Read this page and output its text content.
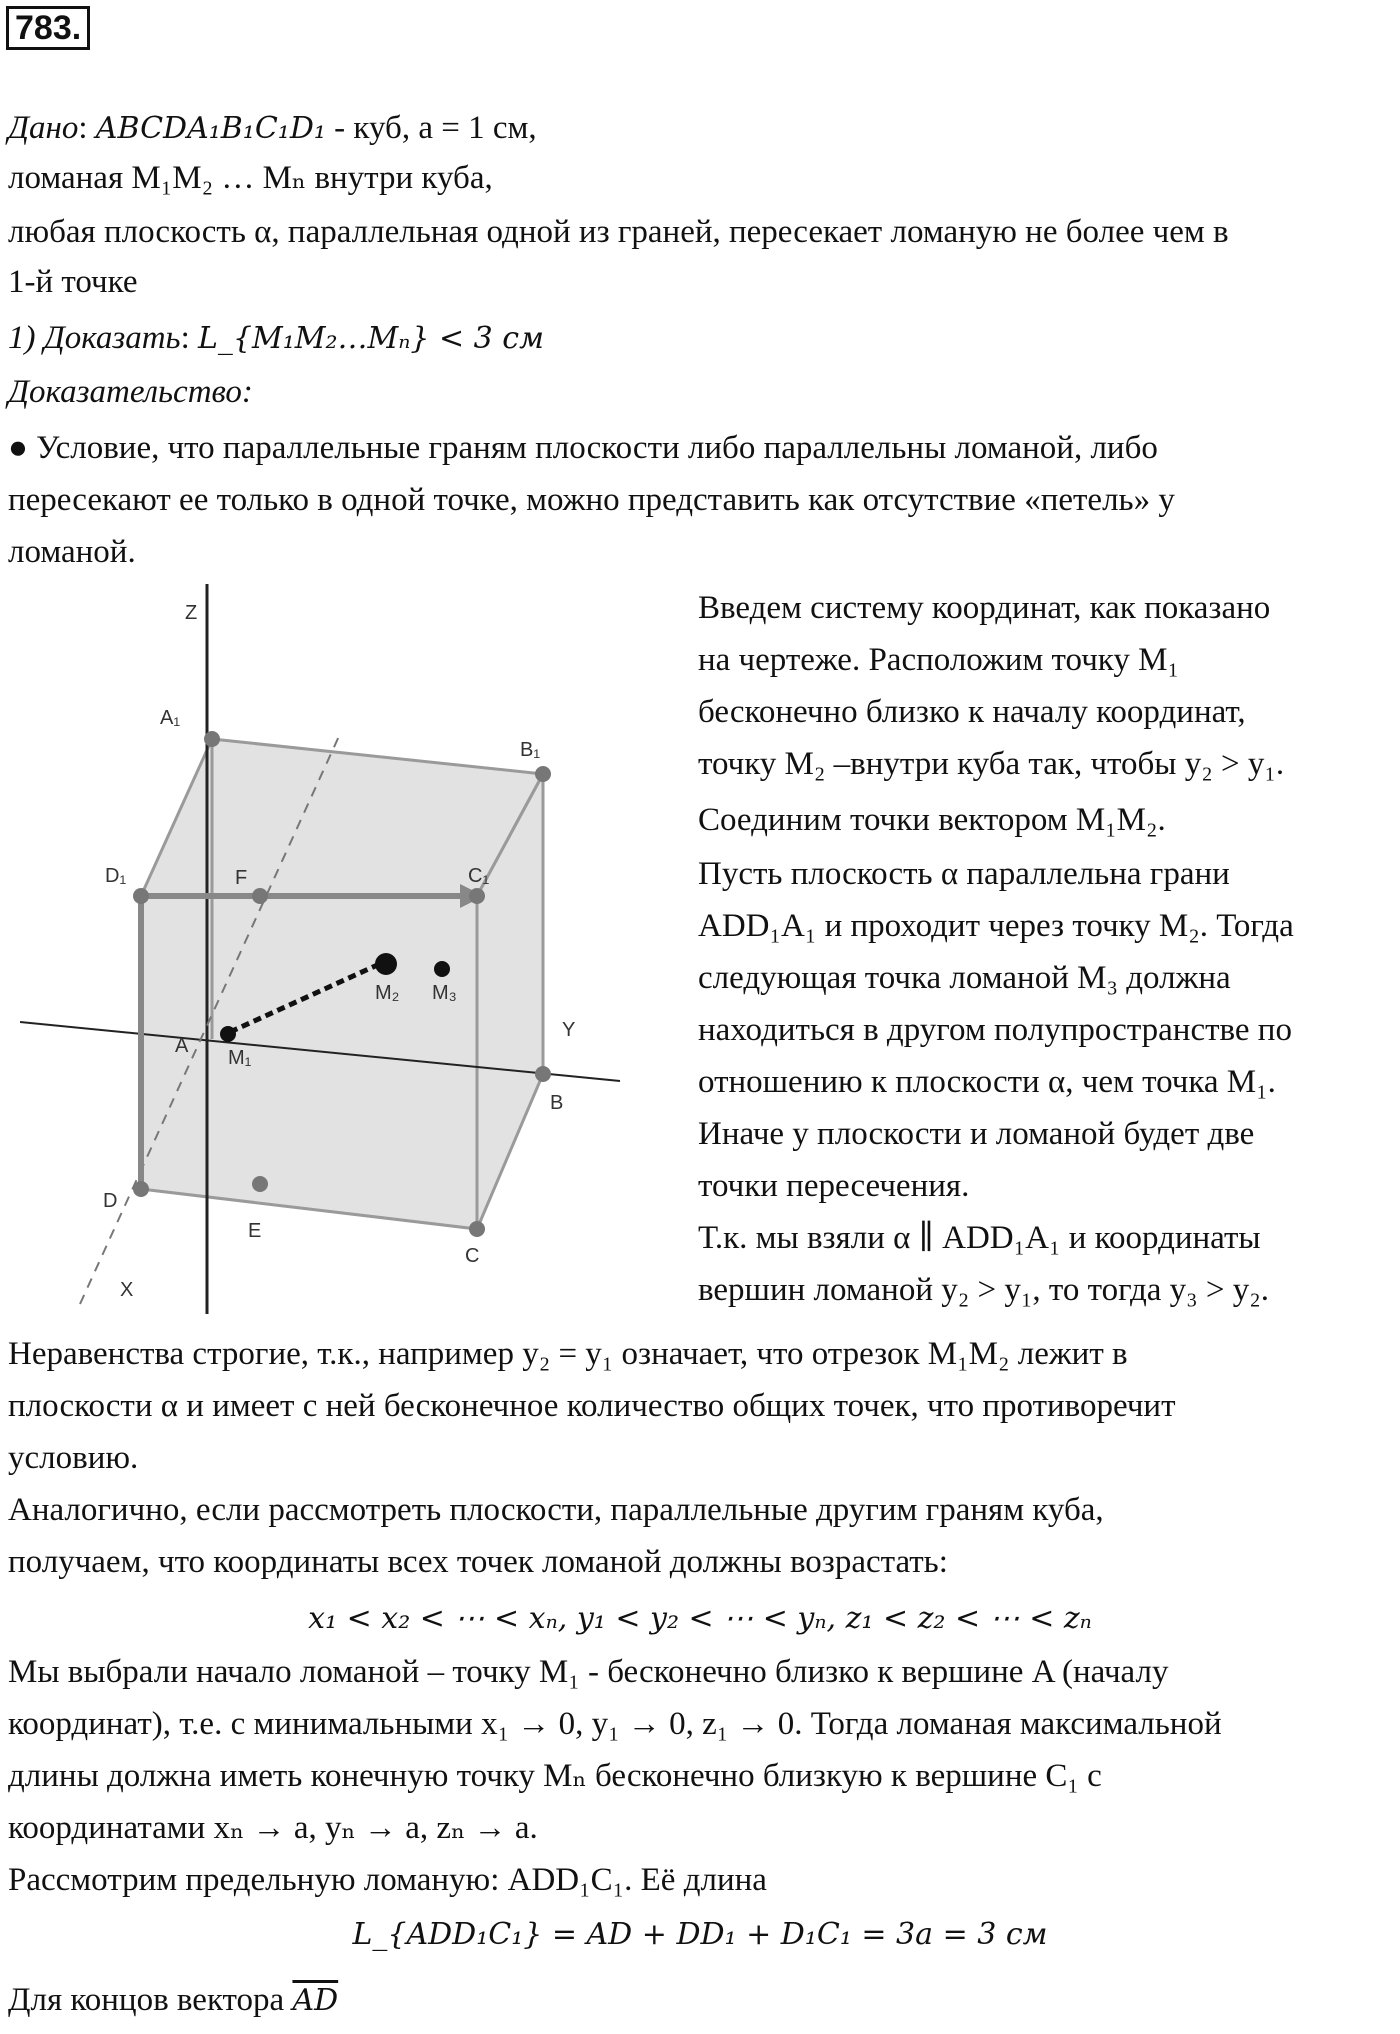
783.
Дано: ABCDA₁B₁C₁D₁ - куб, a = 1 см,
ломаная M₁M₂ … Mₙ внутри куба,
любая плоскость α, параллельная одной из граней, пересекает ломаную не более чем в
1-й точке
1) Доказать: L_{M₁M₂…Mₙ} < 3 см
Доказательство:
● Условие, что параллельные граням плоскости либо параллельны ломаной, либо
пересекают ее только в одной точке, можно представить как отсутствие «петель» у
ломаной.
Z
Y
X
A₁
B₁
D₁	C₁
F
A
M₁
M₂ M₃
B
D
E
C
Введем систему координат, как показано
на чертеже. Расположим точку M₁
бесконечно близко к началу координат,
точку M₂ –внутри куба так, чтобы y₂ > y₁.
Соединим точки вектором M₁M₂.
Пусть плоскость α параллельна грани
ADD₁A₁ и проходит через точку M₂. Тогда
следующая точка ломаной M₃ должна
находиться в другом полупространстве по
отношению к плоскости α, чем точка M₁.
Иначе у плоскости и ломаной будет две
точки пересечения.
Т.к. мы взяли α ∥ ADD₁A₁ и координаты
вершин ломаной y₂ > y₁, то тогда y₃ > y₂.
Неравенства строгие, т.к., например y₂ = y₁ означает, что отрезок M₁M₂ лежит в
плоскости α и имеет с ней бесконечное количество общих точек, что противоречит
условию.
Аналогично, если рассмотреть плоскости, параллельные другим граням куба,
получаем, что координаты всех точек ломаной должны возрастать:
x₁ < x₂ < ⋯ < xₙ, y₁ < y₂ < ⋯ < yₙ, z₁ < z₂ < ⋯ < zₙ
Мы выбрали начало ломаной – точку M₁ - бесконечно близко к вершине A (началу
координат), т.е. с минимальными x₁ → 0, y₁ → 0, z₁ → 0. Тогда ломаная максимальной
длины должна иметь конечную точку Mₙ бесконечно близкую к вершине C₁ с
координатами xₙ → a, yₙ → a, zₙ → a.
Рассмотрим предельную ломаную: ADD₁C₁. Её длина
L_{ADD₁C₁} = AD + DD₁ + D₁C₁ = 3a = 3 см
Для концов вектора $\overline{AD}$
